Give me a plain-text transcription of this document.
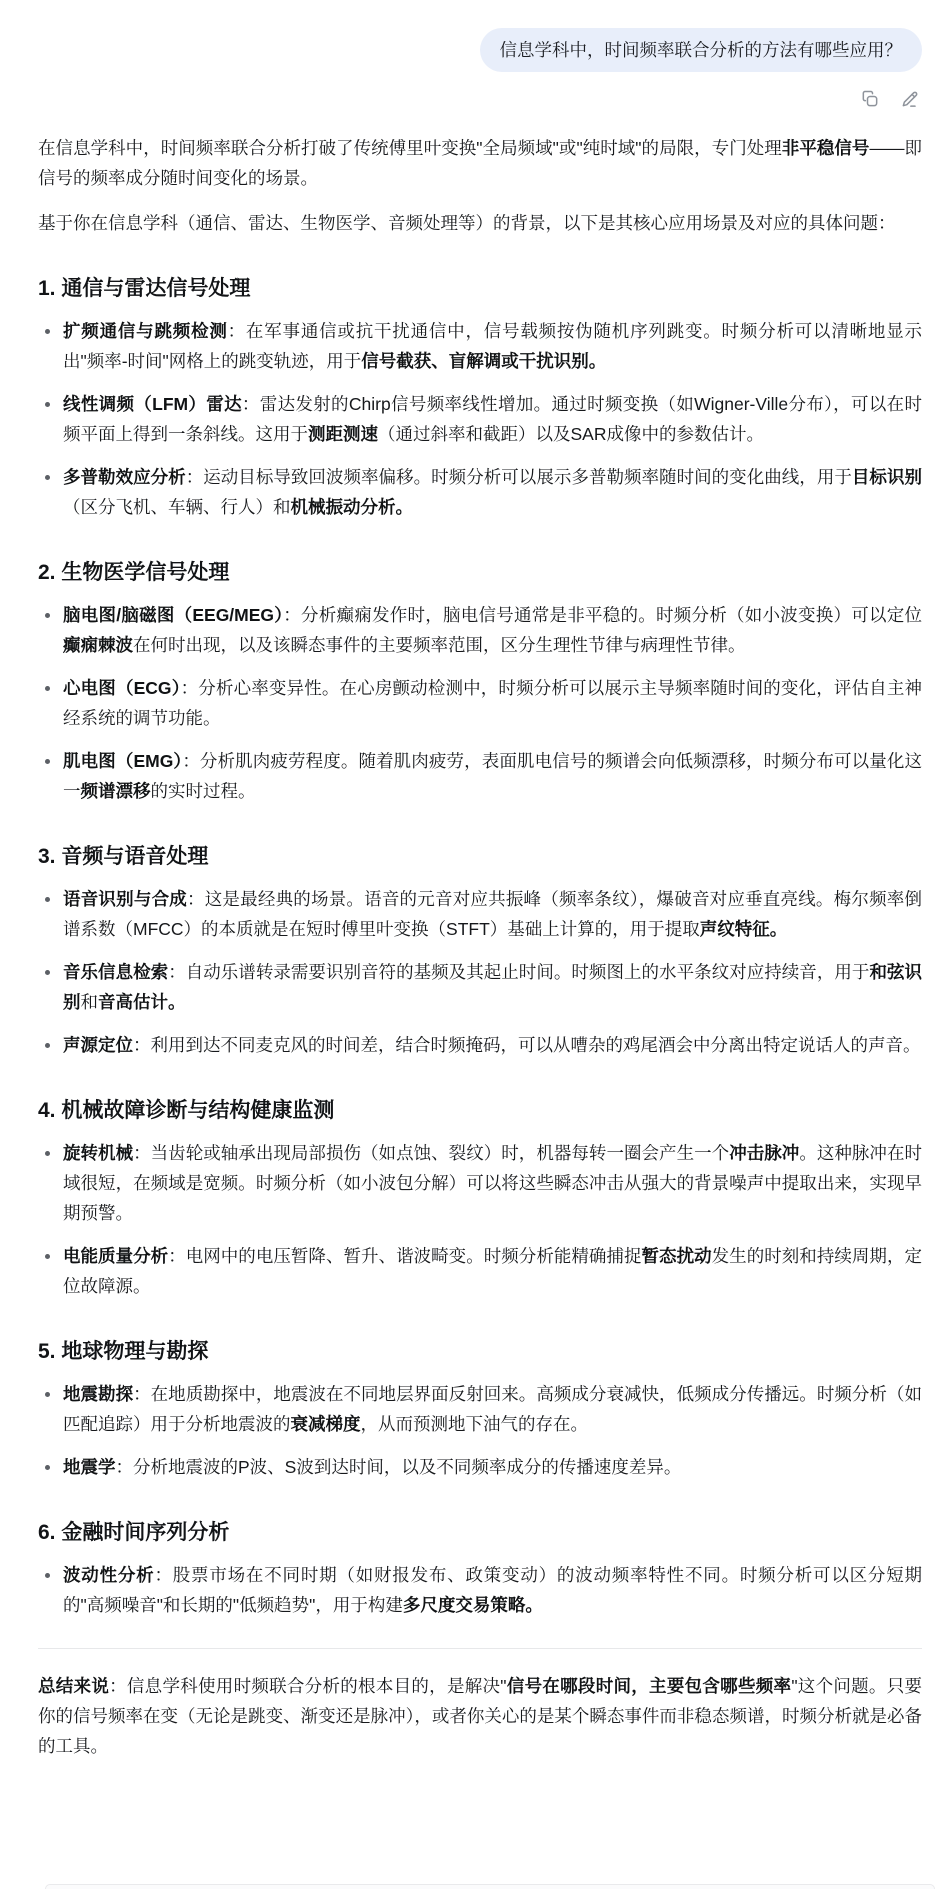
信息学科中，时间频率联合分析的方法有哪些应用？

在信息学科中，时间频率联合分析打破了传统傅里叶变换"全局频域"或"纯时域"的局限，专门处理非平稳信号——即信号的频率成分随时间变化的场景。

基于你在信息学科（通信、雷达、生物医学、音频处理等）的背景，以下是其核心应用场景及对应的具体问题：

1. 通信与雷达信号处理
扩频通信与跳频检测：在军事通信或抗干扰通信中，信号载频按伪随机序列跳变。时频分析可以清晰地显示出"频率-时间"网格上的跳变轨迹，用于信号截获、盲解调或干扰识别。
线性调频（LFM）雷达：雷达发射的Chirp信号频率线性增加。通过时频变换（如Wigner-Ville分布），可以在时频平面上得到一条斜线。这用于测距测速（通过斜率和截距）以及SAR成像中的参数估计。
多普勒效应分析：运动目标导致回波频率偏移。时频分析可以展示多普勒频率随时间的变化曲线，用于目标识别（区分飞机、车辆、行人）和机械振动分析。
2. 生物医学信号处理
脑电图/脑磁图（EEG/MEG）：分析癫痫发作时，脑电信号通常是非平稳的。时频分析（如小波变换）可以定位癫痫棘波在何时出现，以及该瞬态事件的主要频率范围，区分生理性节律与病理性节律。
心电图（ECG）：分析心率变异性。在心房颤动检测中，时频分析可以展示主导频率随时间的变化，评估自主神经系统的调节功能。
肌电图（EMG）：分析肌肉疲劳程度。随着肌肉疲劳，表面肌电信号的频谱会向低频漂移，时频分布可以量化这一频谱漂移的实时过程。
3. 音频与语音处理
语音识别与合成：这是最经典的场景。语音的元音对应共振峰（频率条纹），爆破音对应垂直亮线。梅尔频率倒谱系数（MFCC）的本质就是在短时傅里叶变换（STFT）基础上计算的，用于提取声纹特征。
音乐信息检索：自动乐谱转录需要识别音符的基频及其起止时间。时频图上的水平条纹对应持续音，用于和弦识别和音高估计。
声源定位：利用到达不同麦克风的时间差，结合时频掩码，可以从嘈杂的鸡尾酒会中分离出特定说话人的声音。
4. 机械故障诊断与结构健康监测
旋转机械：当齿轮或轴承出现局部损伤（如点蚀、裂纹）时，机器每转一圈会产生一个冲击脉冲。这种脉冲在时域很短，在频域是宽频。时频分析（如小波包分解）可以将这些瞬态冲击从强大的背景噪声中提取出来，实现早期预警。
电能质量分析：电网中的电压暂降、暂升、谐波畸变。时频分析能精确捕捉暂态扰动发生的时刻和持续周期，定位故障源。
5. 地球物理与勘探
地震勘探：在地质勘探中，地震波在不同地层界面反射回来。高频成分衰减快，低频成分传播远。时频分析（如匹配追踪）用于分析地震波的衰减梯度，从而预测地下油气的存在。
地震学：分析地震波的P波、S波到达时间，以及不同频率成分的传播速度差异。
6. 金融时间序列分析
波动性分析：股票市场在不同时期（如财报发布、政策变动）的波动频率特性不同。时频分析可以区分短期的"高频噪音"和长期的"低频趋势"，用于构建多尺度交易策略。

总结来说：信息学科使用时频联合分析的根本目的，是解决"信号在哪段时间，主要包含哪些频率"这个问题。只要你的信号频率在变（无论是跳变、渐变还是脉冲），或者你关心的是某个瞬态事件而非稳态频谱，时频分析就是必备的工具。
